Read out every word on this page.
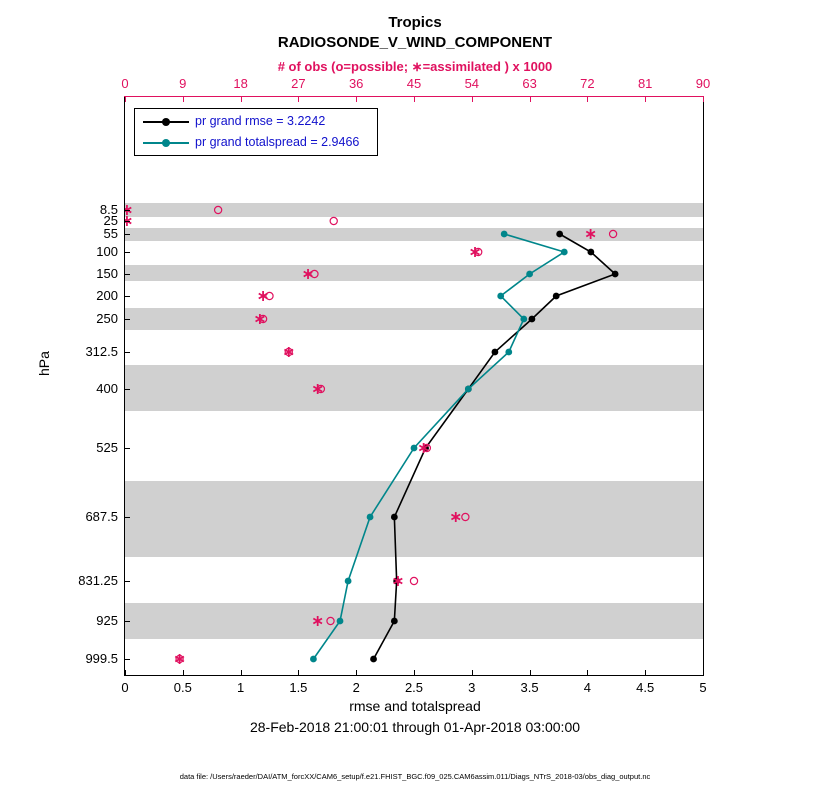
Tropics
RADIOSONDE_V_WIND_COMPONENT
# of obs (o=possible; ∗=assimilated ) x 1000
pr grand rmse = 3.2242
pr grand totalspread = 2.9466
hPa
rmse and totalspread
28-Feb-2018 21:00:01 through 01-Apr-2018 03:00:00
data file: /Users/raeder/DAI/ATM_forcXX/CAM6_setup/f.e21.FHIST_BGC.f09_025.CAM6assim.011/Diags_NTrS_2018-03/obs_diag_output.nc
0	0.5	1	1.5	2	2.5	3	3.5	4	4.5	5
0	9	18	27	36	45	54	63	72	81	90
8.5
25
55
100
150
200
250
312.5
400
525
687.5
831.25
925
999.5
